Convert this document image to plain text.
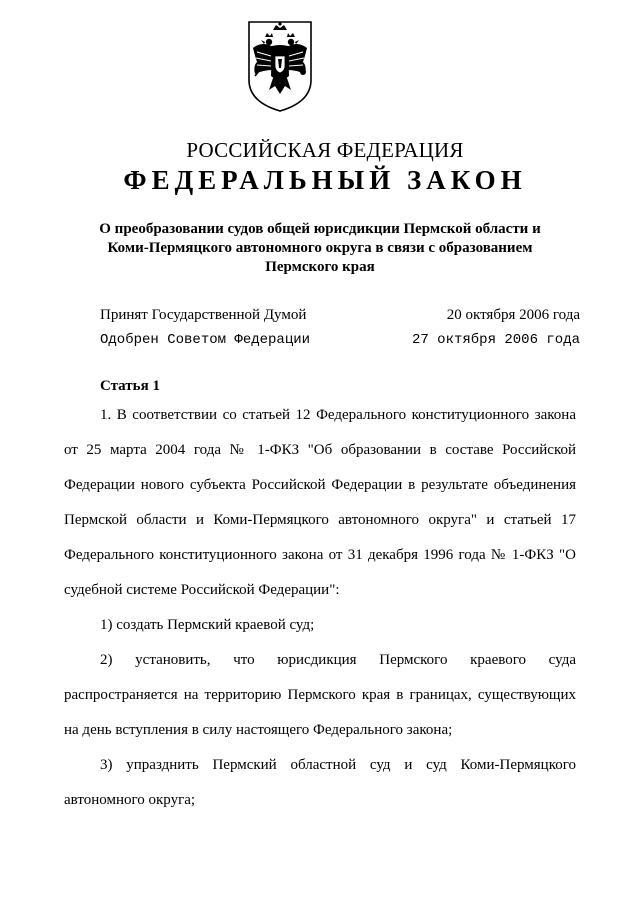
РОССИЙСКАЯ ФЕДЕРАЦИЯ
ФЕДЕРАЛЬНЫЙ ЗАКОН
О преобразовании судов общей юрисдикции Пермской области и
Коми-Пермяцкого автономного округа в связи с образованием
Пермского края
Принят Государственной Думой	20 октября 2006 года
Одобрен Советом Федерации	27 октября 2006 года
Статья 1

1. В соответствии со статьей 12 Федерального конституционного закона от 25 марта 2004 года № 1-ФКЗ "Об образовании в составе Российской Федерации нового субъекта Российской Федерации в результате объединения Пермской области и Коми-Пермяцкого автономного округа" и статьей 17 Федерального конституционного закона от 31 декабря 1996 года № 1-ФКЗ "О судебной системе Российской Федерации":

1) создать Пермский краевой суд;

2) установить, что юрисдикция Пермского краевого суда распространяется на территорию Пермского края в границах, существующих на день вступления в силу настоящего Федерального закона;

3) упразднить Пермский областной суд и суд Коми-Пермяцкого автономного округа;
